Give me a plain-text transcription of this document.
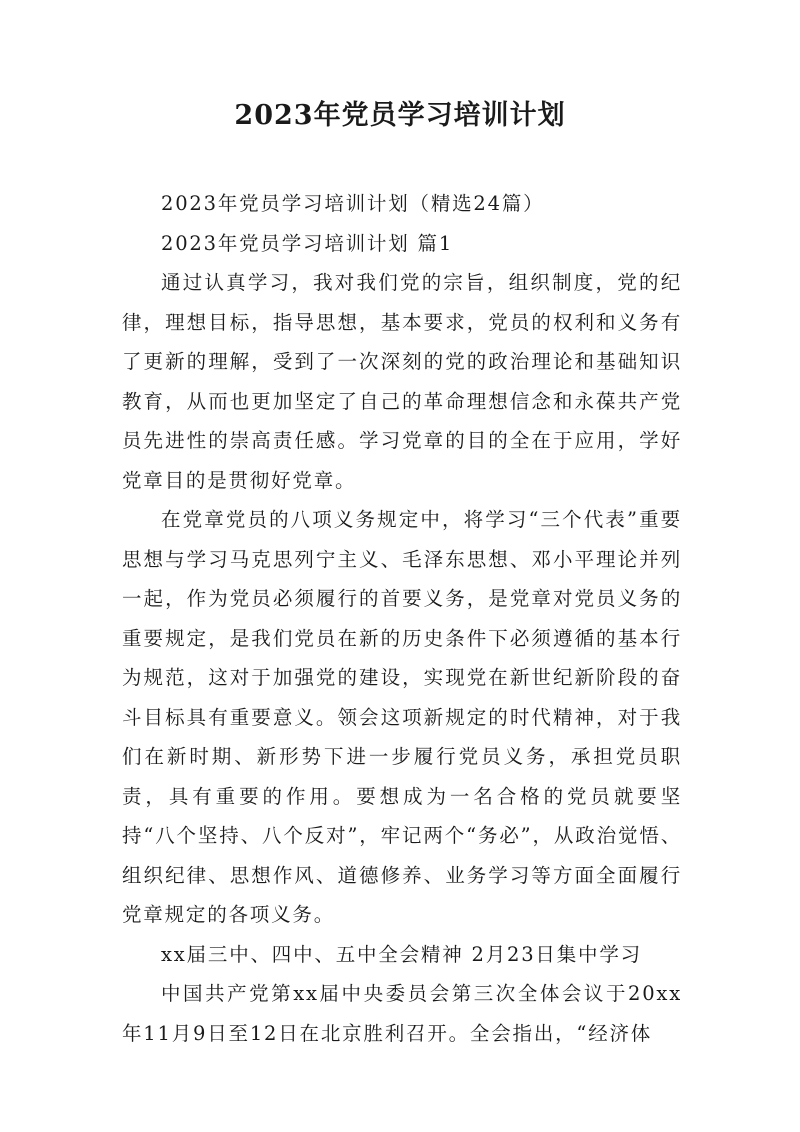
2023年党员学习培训计划

2023年党员学习培训计划（精选24篇）

2023年党员学习培训计划 篇1

通过认真学习，我对我们党的宗旨，组织制度，党的纪律，理想目标，指导思想，基本要求，党员的权利和义务有了更新的理解，受到了一次深刻的党的政治理论和基础知识教育，从而也更加坚定了自己的革命理想信念和永葆共产党员先进性的崇高责任感。学习党章的目的全在于应用，学好党章目的是贯彻好党章。

在党章党员的八项义务规定中，将学习“三个代表”重要思想与学习马克思列宁主义、毛泽东思想、邓小平理论并列一起，作为党员必须履行的首要义务，是党章对党员义务的重要规定，是我们党员在新的历史条件下必须遵循的基本行为规范，这对于加强党的建设，实现党在新世纪新阶段的奋斗目标具有重要意义。领会这项新规定的时代精神，对于我们在新时期、新形势下进一步履行党员义务，承担党员职责，具有重要的作用。要想成为一名合格的党员就要坚持“八个坚持、八个反对”，牢记两个“务必”，从政治觉悟、组织纪律、思想作风、道德修养、业务学习等方面全面履行党章规定的各项义务。

xx届三中、四中、五中全会精神 2月23日集中学习

中国共产党第xx届中央委员会第三次全体会议于20xx年11月9日至12日在北京胜利召开。全会指出，“经济体
